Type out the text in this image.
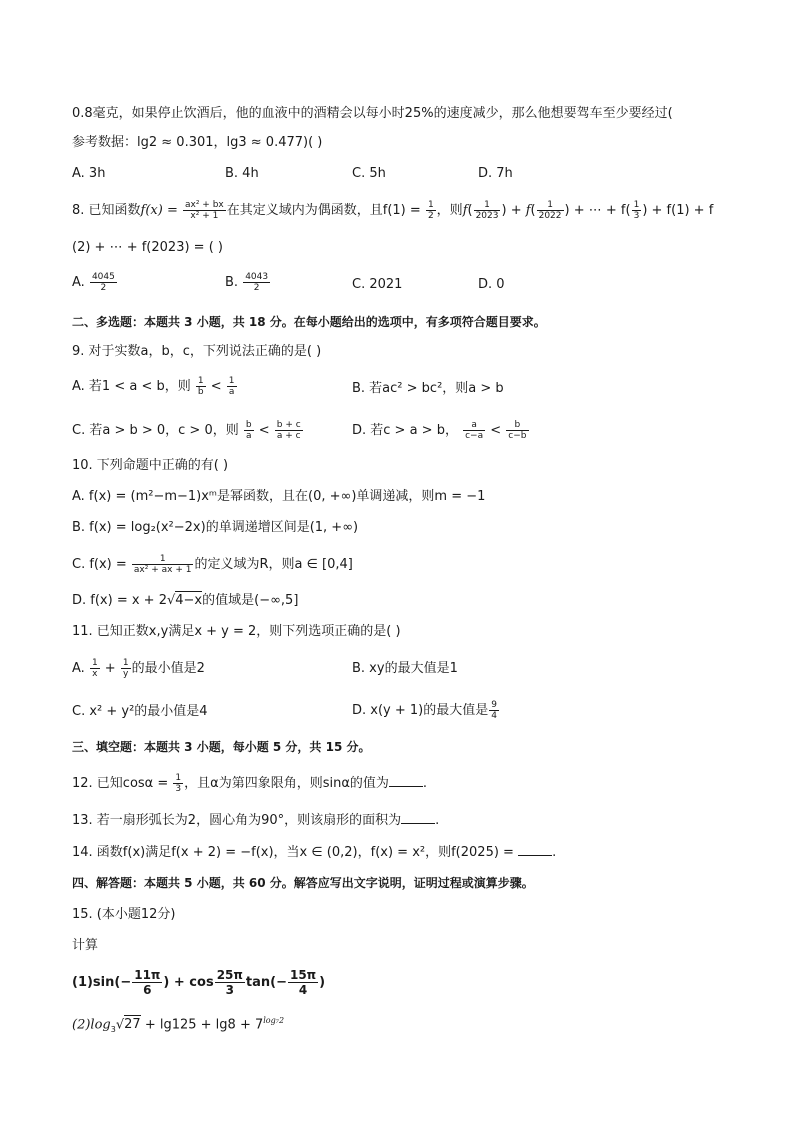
0.8毫克，如果停止饮酒后，他的血液中的酒精会以每小时25%的速度减少，那么他想要驾车至少要经过(
参考数据：lg2 ≈ 0.301，lg3 ≈ 0.477)( )
A. 3h	B. 4h	C. 5h	D. 7h
8. 已知函数$f(x) = \frac{\text{ax² + bx}}{\text{x² + 1}}$ 在其定义域内为偶函数，且$f(1) = \frac{1}{2}$ ，则$f( \frac{1}{2023}$ ) + $f( \frac{1}{2022}$ ) + ⋯ + $f( \frac{1}{3}$ ) + f(1) + f
(2) + ⋯ + f(2023) = ( )
A. $\frac{4045}{2}$	B. $\frac{4043}{2}$	C. 2021	D. 0
二、多选题：本题共 3 小题，共 18 分。在每小题给出的选项中，有多项符合题目要求。
9. 对于实数a，b，c，下列说法正确的是( )
A. 若1 < a < b，则 $\frac{1}{b} < \frac{1}{a}$	B. 若ac² > bc²，则a > b
C. 若a > b > 0，c > 0，则 $\frac{b}{a} < \frac{b + c}{a + c}$	D. 若c > a > b， $\frac{a}{c-a} < \frac{b}{c-b}$
10. 下列命题中正确的有( )
A. f(x) = (m²−m−1)xᵐ是幂函数，且在(0, +∞)单调递减，则m = −1
B. f(x) = log₂(x²−2x)的单调递增区间是(1, +∞)
C. $f(x) = \frac{1}{\text{ax² + ax + 1}}$ 的定义域为R，则a ∈ [0,4]
D. f(x) = x + 2√4−x的值域是(−∞,5]
11. 已知正数x,y满足x + y = 2，则下列选项正确的是( )
A. $\frac{1}{x} + \frac{1}{y}$ 的最小值是2	B. xy的最大值是1
C. x² + y²的最小值是4	D. x(y + 1)的最大值是 $\frac{9}{4}$
三、填空题：本题共 3 小题，每小题 5 分，共 15 分。
12. 已知$\cos\alpha = \frac{1}{3}$ ，且α为第四象限角，则sinα的值为	.
13. 若一扇形弧长为2，圆心角为90°，则该扇形的面积为	.
14. 函数f(x)满足f(x + 2) = −f(x)，当x ∈ (0,2)，f(x) = x²，则f(2025) =	.
四、解答题：本题共 5 小题，共 60 分。解答应写出文字说明，证明过程或演算步骤。
15. (本小题12分)
计算
$(1)\sin(- \frac{11\pi}{6}$ ) + $\cos \frac{25\pi}{3} \tan(- \frac{15\pi}{4}$ )
$(2)\log_3√27 + \lg 125 + \lg 8 + 7^{log_72}$
